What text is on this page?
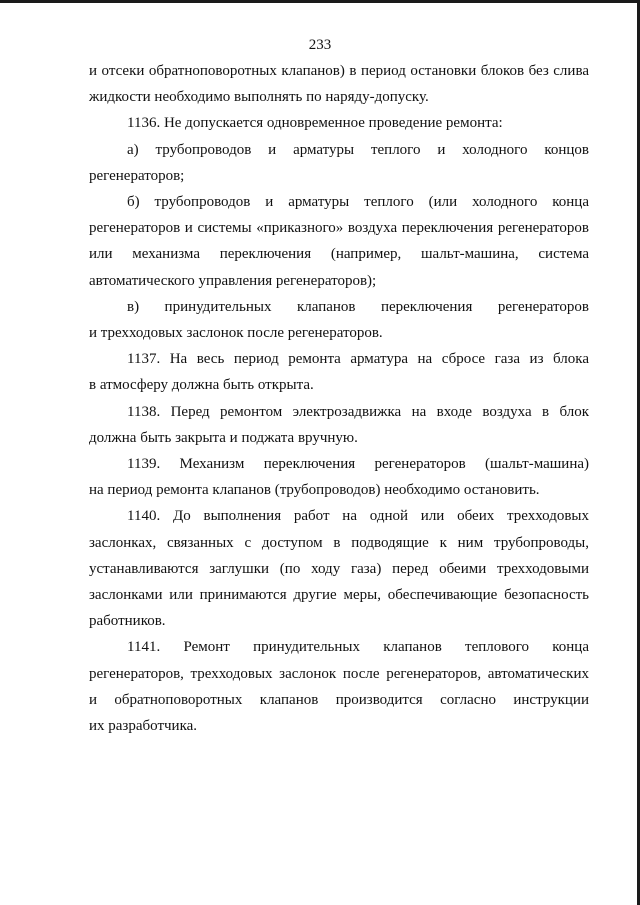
233

и отсеки обратноповоротных клапанов) в период остановки блоков без слива
жидкости необходимо выполнять по наряду-допуску.

1136. Не допускается одновременное проведение ремонта:

а) трубопроводов и арматуры теплого и холодного концов
регенераторов;

б) трубопроводов и арматуры теплого (или холодного конца
регенераторов и системы «приказного» воздуха переключения регенераторов
или механизма переключения (например, шальт-машина, система
автоматического управления регенераторов);

в) принудительных клапанов переключения регенераторов
и трехходовых заслонок после регенераторов.

1137. На весь период ремонта арматура на сбросе газа из блока
в атмосферу должна быть открыта.

1138. Перед ремонтом электрозадвижка на входе воздуха в блок
должна быть закрыта и поджата вручную.

1139. Механизм переключения регенераторов (шальт-машина)
на период ремонта клапанов (трубопроводов) необходимо остановить.

1140. До выполнения работ на одной или обеих трехходовых
заслонках, связанных с доступом в подводящие к ним трубопроводы,
устанавливаются заглушки (по ходу газа) перед обеими трехходовыми
заслонками или принимаются другие меры, обеспечивающие безопасность
работников.

1141. Ремонт принудительных клапанов теплового конца
регенераторов, трехходовых заслонок после регенераторов, автоматических
и обратноповоротных клапанов производится согласно инструкции
их разработчика.
